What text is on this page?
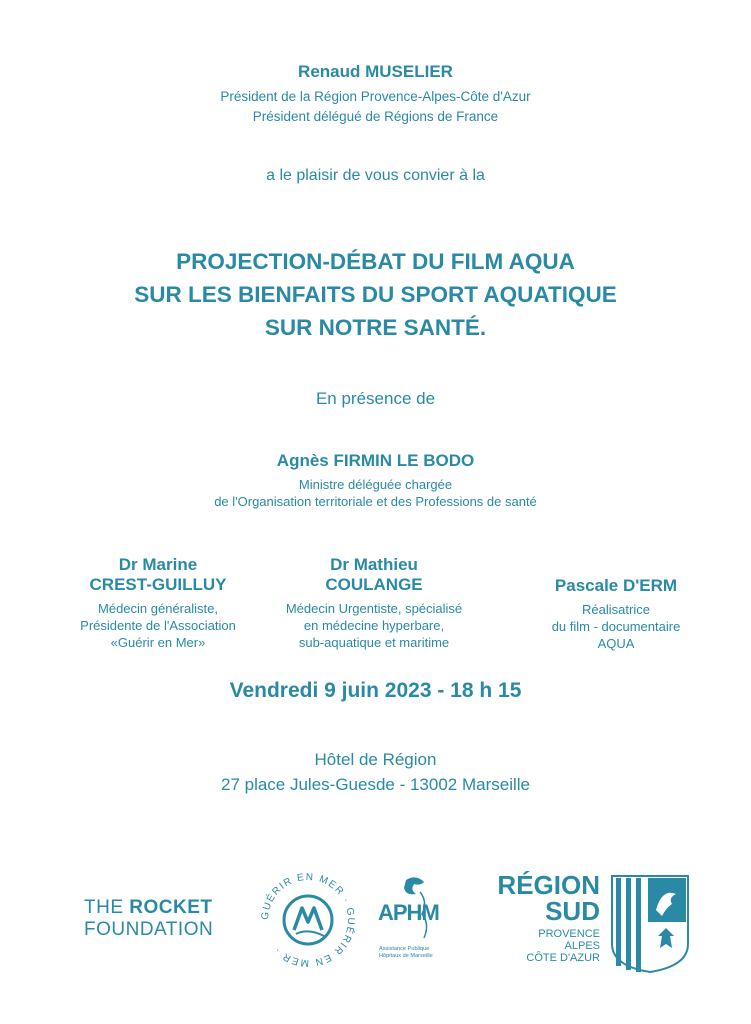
Renaud MUSELIER
Président de la Région Provence-Alpes-Côte d'Azur
Président délégué de Régions de France
a le plaisir de vous convier à la
PROJECTION-DÉBAT DU FILM AQUA
SUR LES BIENFAITS DU SPORT AQUATIQUE
SUR NOTRE SANTÉ.
En présence de
Agnès FIRMIN LE BODO
Ministre déléguée chargée
de l'Organisation territoriale et des Professions de santé
Dr Marine
CREST-GUILLUY
Médecin généraliste,
Présidente de l'Association
«Guérir en Mer»
Dr Mathieu
COULANGE
Médecin Urgentiste, spécialisé
en médecine hyperbare,
sub-aquatique et maritime
Pascale D'ERM
Réalisatrice
du film - documentaire
AQUA
Vendredi 9 juin 2023 - 18 h 15
Hôtel de Région
27 place Jules-Guesde - 13002 Marseille
THE ROCKET
FOUNDATION
GUÉRIR EN MER · GUÉRIR EN MER ·
APHM
Assistance Publique
Hôpitaux de Marseille
RÉGION
SUD
PROVENCE
ALPES
CÔTE D'AZUR
